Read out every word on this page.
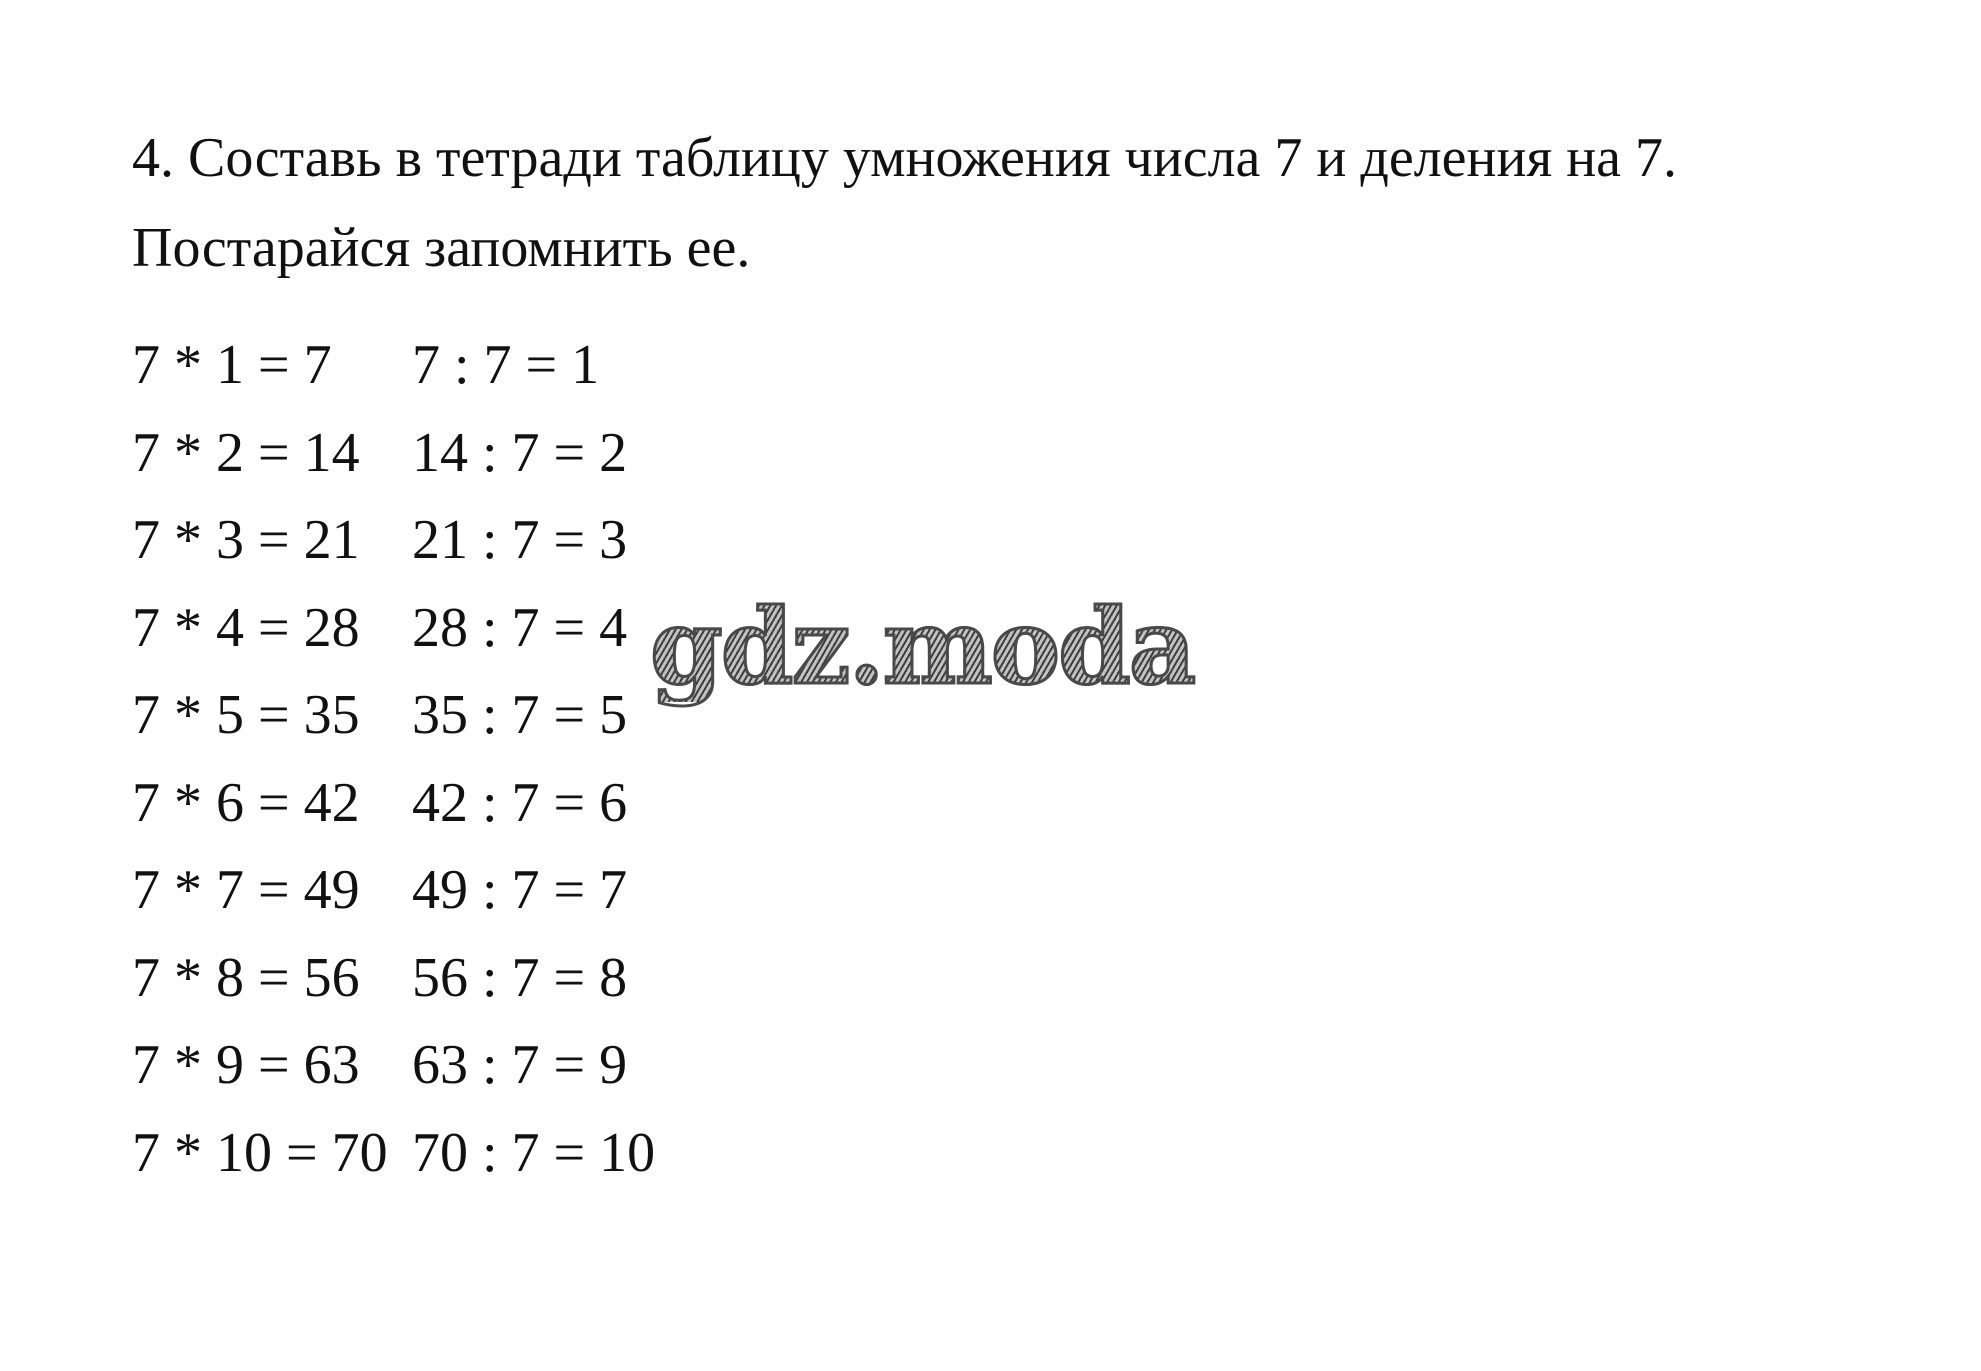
4. Составь в тетради таблицу умножения числа 7 и деления на 7.
Постарайся запомнить ее.
7 * 1 = 7 7 : 7 = 1
7 * 2 = 14 14 : 7 = 2
7 * 3 = 21 21 : 7 = 3
7 * 4 = 28 28 : 7 = 4
7 * 5 = 35 35 : 7 = 5
7 * 6 = 42 42 : 7 = 6
7 * 7 = 49 49 : 7 = 7
7 * 8 = 56 56 : 7 = 8
7 * 9 = 63 63 : 7 = 9
7 * 10 = 70 70 : 7 = 10
gdz.moda
